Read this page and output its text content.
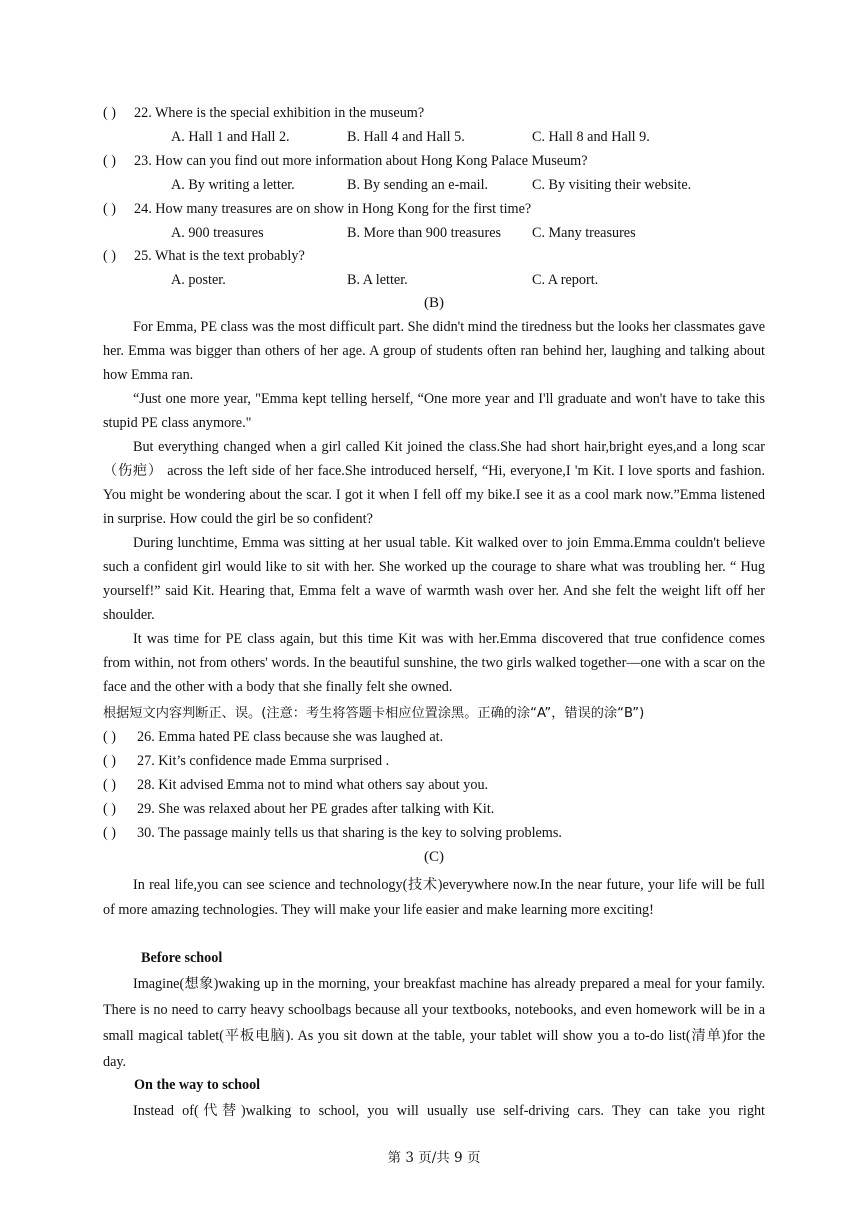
( ) 22. Where is the special exhibition in the museum?
A. Hall 1 and Hall 2.	B. Hall 4 and Hall 5.	C. Hall 8 and Hall 9.
( ) 23. How can you find out more information about Hong Kong Palace Museum?
A. By writing a letter.	B. By sending an e-mail.	C. By visiting their website.
( ) 24. How many treasures are on show in Hong Kong for the first time?
A. 900 treasures	B. More than 900 treasures C. Many treasures
( ) 25. What is the text probably?
A. poster.	B. A letter.	C. A report.
(B)

For Emma, PE class was the most difficult part. She didn't mind the tiredness but the looks her classmates gave her. Emma was bigger than others of her age. A group of students often ran behind her, laughing and talking about how Emma ran.

“Just one more year, "Emma kept telling herself, “One more year and I'll graduate and won't have to take this stupid PE class anymore."

But everything changed when a girl called Kit joined the class.She had short hair,bright eyes,and a long scar（伤疤） across the left side of her face.She introduced herself, “Hi, everyone,I 'm Kit. I love sports and fashion. You might be wondering about the scar. I got it when I fell off my bike.I see it as a cool mark now.”Emma listened in surprise. How could the girl be so confident?

During lunchtime, Emma was sitting at her usual table. Kit walked over to join Emma.Emma couldn't believe such a confident girl would like to sit with her. She worked up the courage to share what was troubling her. “ Hug yourself!” said Kit. Hearing that, Emma felt a wave of warmth wash over her. And she felt the weight lift off her shoulder.

It was time for PE class again, but this time Kit was with her.Emma discovered that true confidence comes from within, not from others' words. In the beautiful sunshine, the two girls walked together—one with a scar on the face and the other with a body that she finally felt she owned.

根据短文内容判断正、误。(注意：考生将答题卡相应位置涂黑。正确的涂“A”，错误的涂“B”)
( ) 26. Emma hated PE class because she was laughed at.
( ) 27. Kit’s confidence made Emma surprised .
( ) 28. Kit advised Emma not to mind what others say about you.
( ) 29. She was relaxed about her PE grades after talking with Kit.
( ) 30. The passage mainly tells us that sharing is the key to solving problems.
(C)

In real life,you can see science and technology(技术)everywhere now.In the near future, your life will be full of more amazing technologies. They will make your life easier and make learning more exciting!

Before school

Imagine(想象)waking up in the morning, your breakfast machine has already prepared a meal for your family. There is no need to carry heavy schoolbags because all your textbooks, notebooks, and even homework will be in a small magical tablet(平板电脑). As you sit down at the table, your tablet will show you a to-do list(清单)for the day.

On the way to school

Instead of(代替)walking to school, you will usually use self-driving cars. They can take you right

第 3 页/共 9 页
